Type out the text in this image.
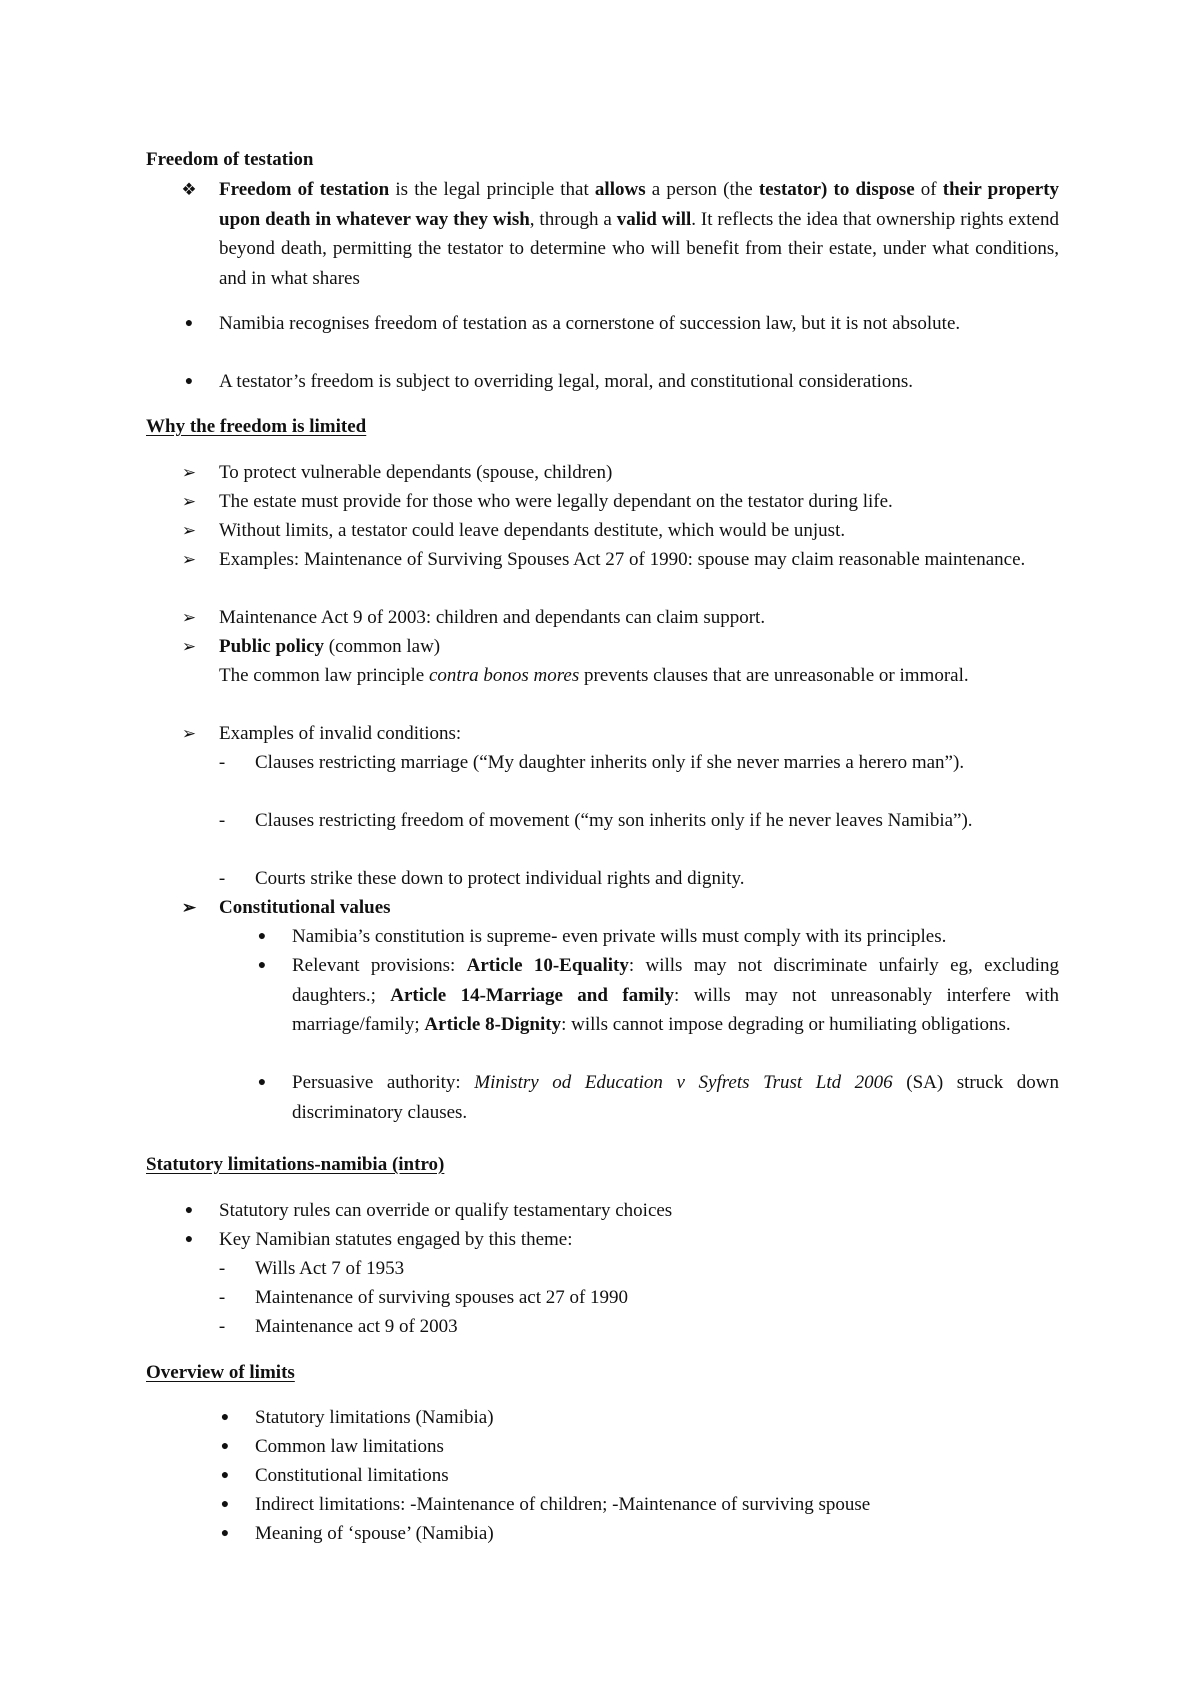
Freedom of testation
❖ Freedom of testation is the legal principle that allows a person (the testator) to dispose of their property upon death in whatever way they wish, through a valid will. It reflects the idea that ownership rights extend beyond death, permitting the testator to determine who will benefit from their estate, under what conditions, and in what shares
●	Namibia recognises freedom of testation as a cornerstone of succession law, but it is not absolute.
●	A testator’s freedom is subject to overriding legal, moral, and constitutional considerations.
Why the freedom is limited
➢ To protect vulnerable dependants (spouse, children)
➢ The estate must provide for those who were legally dependant on the testator during life.
➢ Without limits, a testator could leave dependants destitute, which would be unjust.
➢ Examples: Maintenance of Surviving Spouses Act 27 of 1990: spouse may claim reasonable maintenance.
➢ Maintenance Act 9 of 2003: children and dependants can claim support.
➢ Public policy (common law)
The common law principle contra bonos mores prevents clauses that are unreasonable or immoral.
➢ Examples of invalid conditions:
-	Clauses restricting marriage (“My daughter inherits only if she never marries a herero man”).
-	Clauses restricting freedom of movement (“my son inherits only if he never leaves Namibia”).
-	Courts strike these down to protect individual rights and dignity.
➢ Constitutional values
●	Namibia’s constitution is supreme- even private wills must comply with its principles.
●	Relevant provisions: Article 10-Equality: wills may not discriminate unfairly eg, excluding daughters.; Article 14-Marriage and family: wills may not unreasonably interfere with marriage/family; Article 8-Dignity: wills cannot impose degrading or humiliating obligations.
●	Persuasive authority: Ministry od Education v Syfrets Trust Ltd 2006 (SA) struck down discriminatory clauses.
Statutory limitations-namibia (intro)
●	Statutory rules can override or qualify testamentary choices
●	Key Namibian statutes engaged by this theme:
-	Wills Act 7 of 1953
-	Maintenance of surviving spouses act 27 of 1990
-	Maintenance act 9 of 2003
Overview of limits
●	Statutory limitations (Namibia)
●	Common law limitations
●	Constitutional limitations
●	Indirect limitations: -Maintenance of children; -Maintenance of surviving spouse
●	Meaning of ‘spouse’ (Namibia)
